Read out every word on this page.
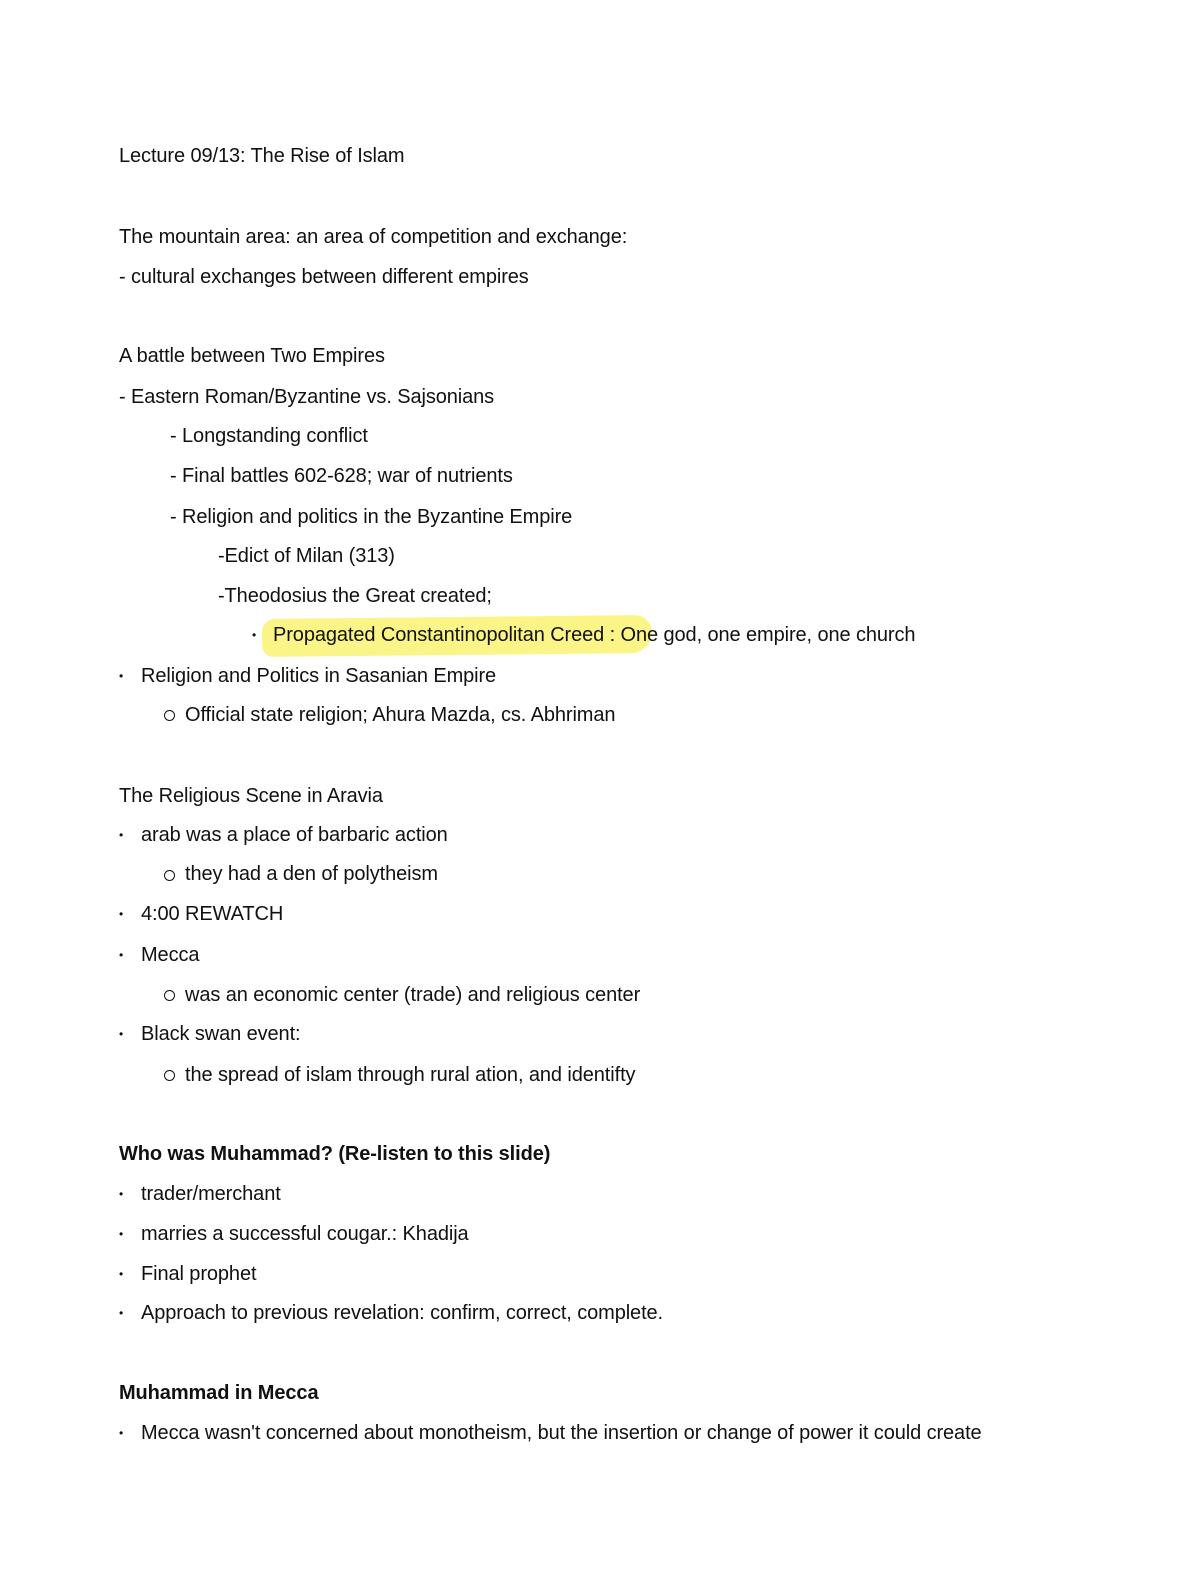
Lecture 09/13: The Rise of Islam
The mountain area: an area of competition and exchange:
- cultural exchanges between different empires
A battle between Two Empires
- Eastern Roman/Byzantine vs. Sajsonians
- Longstanding conflict
- Final battles 602-628; war of nutrients
- Religion and politics in the Byzantine Empire
-Edict of Milan (313)
-Theodosius the Great created;
• Propagated Constantinopolitan Creed : One god, one empire, one church
• Religion and Politics in Sasanian Empire
Official state religion; Ahura Mazda, cs. Abhriman
The Religious Scene in Aravia
• arab was a place of barbaric action
they had a den of polytheism
• 4:00 REWATCH
• Mecca
was an economic center (trade) and religious center
• Black swan event:
the spread of islam through rural ation, and identifty
Who was Muhammad? (Re-listen to this slide)
• trader/merchant
• marries a successful cougar.: Khadija
• Final prophet
• Approach to previous revelation: confirm, correct, complete.
Muhammad in Mecca
• Mecca wasn't concerned about monotheism, but the insertion or change of power it could create
